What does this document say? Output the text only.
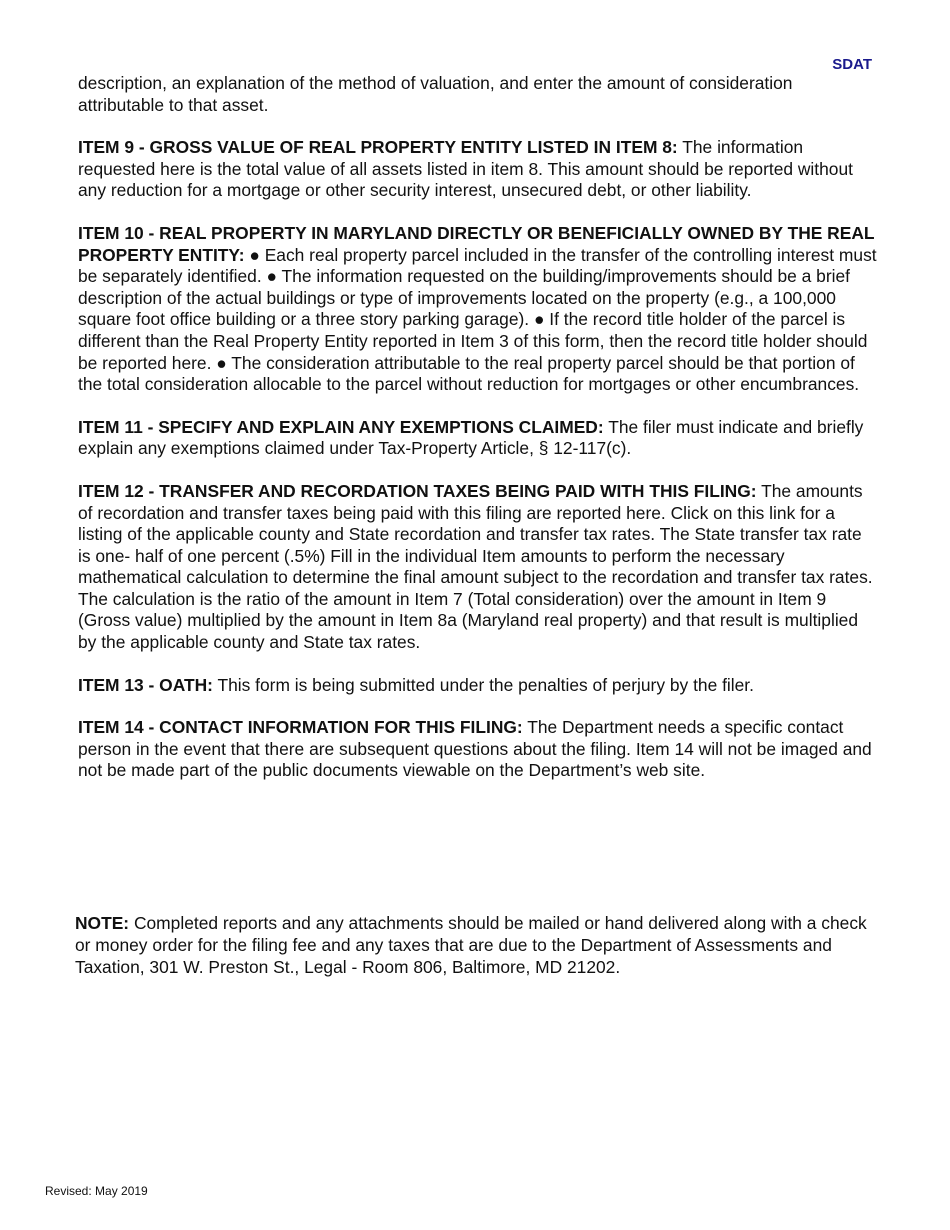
SDAT

description, an explanation of the method of valuation, and enter the amount of consideration attributable to that asset.

ITEM 9 - GROSS VALUE OF REAL PROPERTY ENTITY LISTED IN ITEM 8: The information requested here is the total value of all assets listed in item 8. This amount should be reported without any reduction for a mortgage or other security interest, unsecured debt, or other liability.

ITEM 10 - REAL PROPERTY IN MARYLAND DIRECTLY OR BENEFICIALLY OWNED BY THE REAL PROPERTY ENTITY: ● Each real property parcel included in the transfer of the controlling interest must be separately identified. ● The information requested on the building/improvements should be a brief description of the actual buildings or type of improvements located on the property (e.g., a 100,000 square foot office building or a three story parking garage). ● If the record title holder of the parcel is different than the Real Property Entity reported in Item 3 of this form, then the record title holder should be reported here. ● The consideration attributable to the real property parcel should be that portion of the total consideration allocable to the parcel without reduction for mortgages or other encumbrances.

ITEM 11 - SPECIFY AND EXPLAIN ANY EXEMPTIONS CLAIMED: The filer must indicate and briefly explain any exemptions claimed under Tax-Property Article, § 12-117(c).

ITEM 12 - TRANSFER AND RECORDATION TAXES BEING PAID WITH THIS FILING: The amounts of recordation and transfer taxes being paid with this filing are reported here. Click on this link for a listing of the applicable county and State recordation and transfer tax rates. The State transfer tax rate is one- half of one percent (.5%) Fill in the individual Item amounts to perform the necessary mathematical calculation to determine the final amount subject to the recordation and transfer tax rates. The calculation is the ratio of the amount in Item 7 (Total consideration) over the amount in Item 9 (Gross value) multiplied by the amount in Item 8a (Maryland real property) and that result is multiplied by the applicable county and State tax rates.

ITEM 13 - OATH: This form is being submitted under the penalties of perjury by the filer.

ITEM 14 - CONTACT INFORMATION FOR THIS FILING: The Department needs a specific contact person in the event that there are subsequent questions about the filing. Item 14 will not be imaged and not be made part of the public documents viewable on the Department’s web site.

NOTE: Completed reports and any attachments should be mailed or hand delivered along with a check or money order for the filing fee and any taxes that are due to the Department of Assessments and Taxation, 301 W. Preston St., Legal - Room 806, Baltimore, MD 21202.

Revised: May 2019
